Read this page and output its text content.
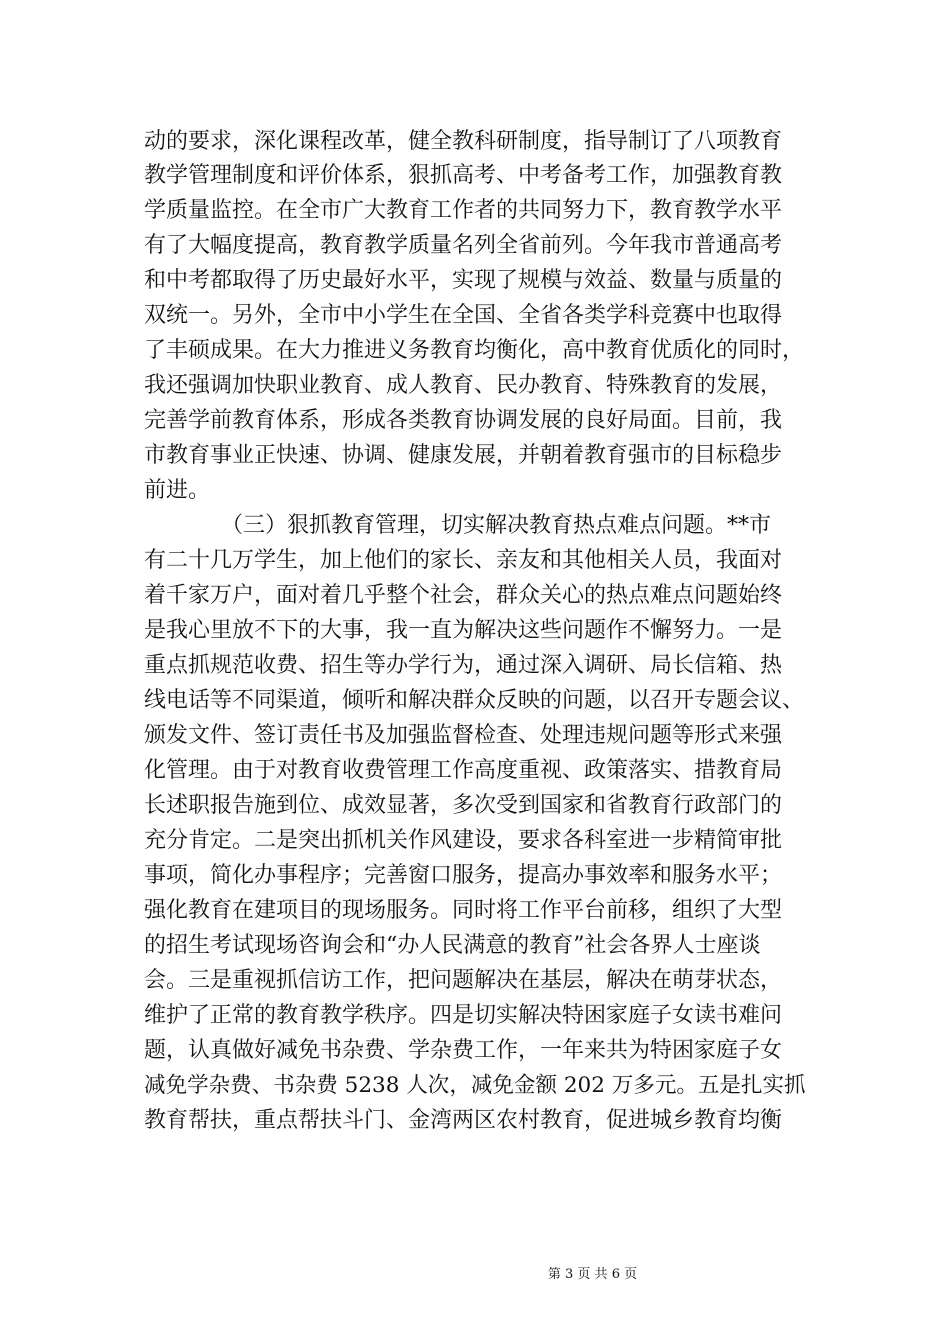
动的要求，深化课程改革，健全教科研制度，指导制订了八项教育
教学管理制度和评价体系，狠抓高考、中考备考工作，加强教育教
学质量监控。在全市广大教育工作者的共同努力下，教育教学水平
有了大幅度提高，教育教学质量名列全省前列。今年我市普通高考
和中考都取得了历史最好水平，实现了规模与效益、数量与质量的
双统一。另外，全市中小学生在全国、全省各类学科竞赛中也取得
了丰硕成果。在大力推进义务教育均衡化，高中教育优质化的同时，
我还强调加快职业教育、成人教育、民办教育、特殊教育的发展，
完善学前教育体系，形成各类教育协调发展的良好局面。目前，我
市教育事业正快速、协调、健康发展，并朝着教育强市的目标稳步
前进。
　　　　（三）狠抓教育管理，切实解决教育热点难点问题。**市
有二十几万学生，加上他们的家长、亲友和其他相关人员，我面对
着千家万户，面对着几乎整个社会，群众关心的热点难点问题始终
是我心里放不下的大事，我一直为解决这些问题作不懈努力。一是
重点抓规范收费、招生等办学行为，通过深入调研、局长信箱、热
线电话等不同渠道，倾听和解决群众反映的问题，以召开专题会议、
颁发文件、签订责任书及加强监督检查、处理违规问题等形式来强
化管理。由于对教育收费管理工作高度重视、政策落实、措教育局
长述职报告施到位、成效显著，多次受到国家和省教育行政部门的
充分肯定。二是突出抓机关作风建设，要求各科室进一步精简审批
事项，简化办事程序；完善窗口服务，提高办事效率和服务水平；
强化教育在建项目的现场服务。同时将工作平台前移，组织了大型
的招生考试现场咨询会和“办人民满意的教育”社会各界人士座谈
会。三是重视抓信访工作，把问题解决在基层，解决在萌芽状态，
维护了正常的教育教学秩序。四是切实解决特困家庭子女读书难问
题，认真做好减免书杂费、学杂费工作，一年来共为特困家庭子女
减免学杂费、书杂费 5238 人次，减免金额 202 万多元。五是扎实抓
教育帮扶，重点帮扶斗门、金湾两区农村教育，促进城乡教育均衡
第 3 页 共 6 页
